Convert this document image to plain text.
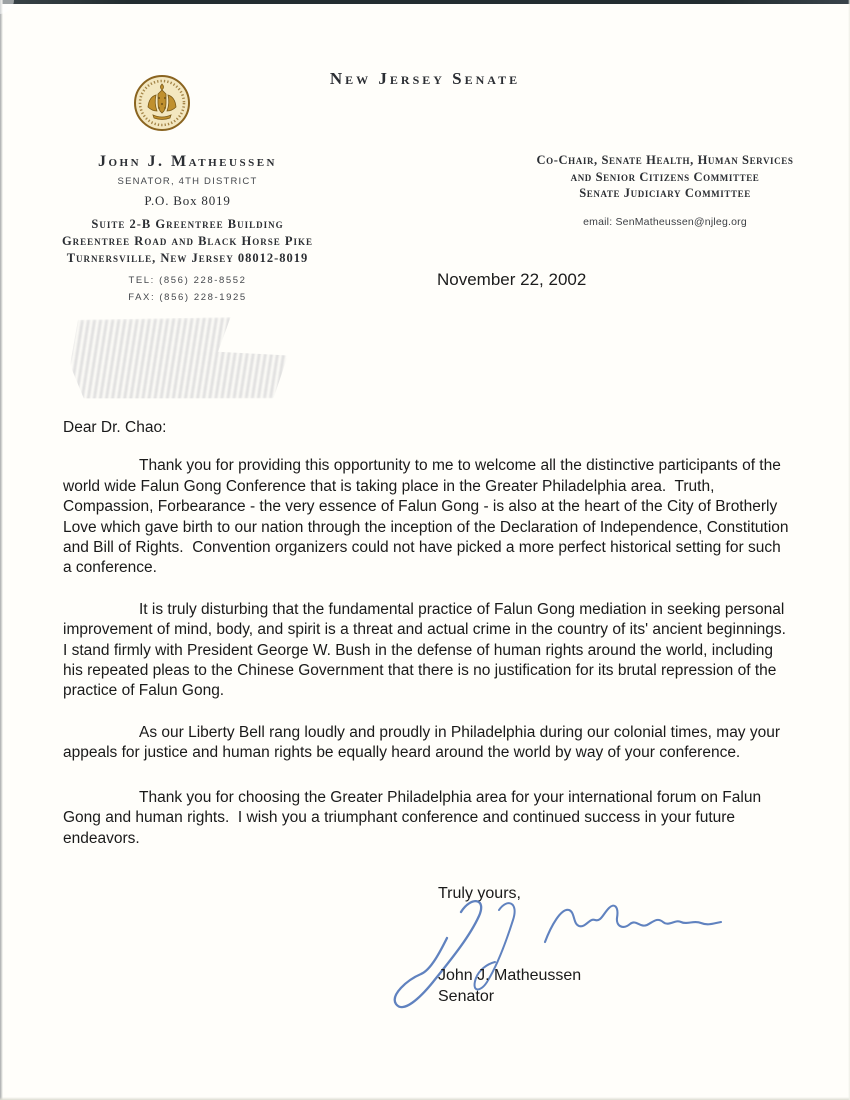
New Jersey Senate
John J. Matheussen
SENATOR, 4TH DISTRICT
P.O. Box 8019
Suite 2-B Greentree Building
Greentree Road and Black Horse Pike
Turnersville, New Jersey 08012-8019
TEL: (856) 228-8552
FAX: (856) 228-1925
Co-Chair, Senate Health, Human Services
and Senior Citizens Committee
Senate Judiciary Committee
email: SenMatheussen@njleg.org
November 22, 2002
Dear Dr. Chao:

Thank you for providing this opportunity to me to welcome all the distinctive participants of the world wide Falun Gong Conference that is taking place in the Greater Philadelphia area.  Truth, Compassion, Forbearance - the very essence of Falun Gong - is also at the heart of the City of Brotherly Love which gave birth to our nation through the inception of the Declaration of Independence, Constitution and Bill of Rights.  Convention organizers could not have picked a more perfect historical setting for such a conference.

It is truly disturbing that the fundamental practice of Falun Gong mediation in seeking personal improvement of mind, body, and spirit is a threat and actual crime in the country of its' ancient beginnings.  I stand firmly with President George W. Bush in the defense of human rights around the world, including his repeated pleas to the Chinese Government that there is no justification for its brutal repression of the practice of Falun Gong.

As our Liberty Bell rang loudly and proudly in Philadelphia during our colonial times, may your appeals for justice and human rights be equally heard around the world by way of your conference.

Thank you for choosing the Greater Philadelphia area for your international forum on Falun Gong and human rights.  I wish you a triumphant conference and continued success in your future endeavors.

Truly yours,
John J. Matheussen
Senator
